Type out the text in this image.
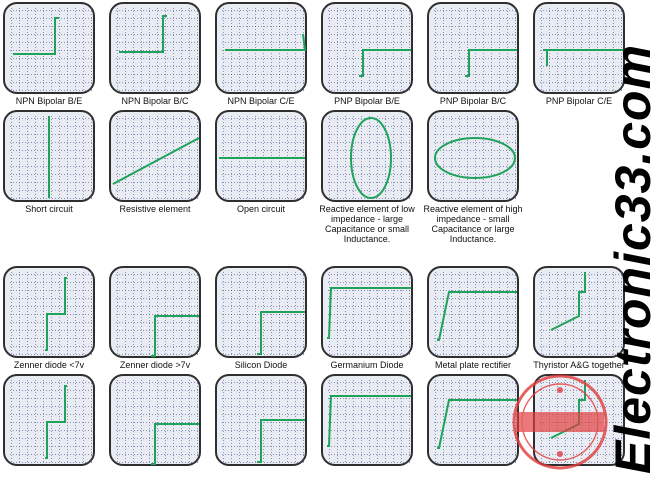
NPN Bipolar B/E	NPN Bipolar B/C	NPN Bipolar C/E	PNP Bipolar B/E	PNP Bipolar B/C	PNP Bipolar C/E
Short circuit	Resistive element	Open circuit	Reactive element of low impedance - large Capacitance or small Inductance.
Reactive element of high impedance - small Capacitance or large Inductance.
Zenner diode <7v	Zenner diode >7v	Silicon Diode	Germanium Diode	Metal plate rectifier	Thyristor A&G together
Electronic33.com
